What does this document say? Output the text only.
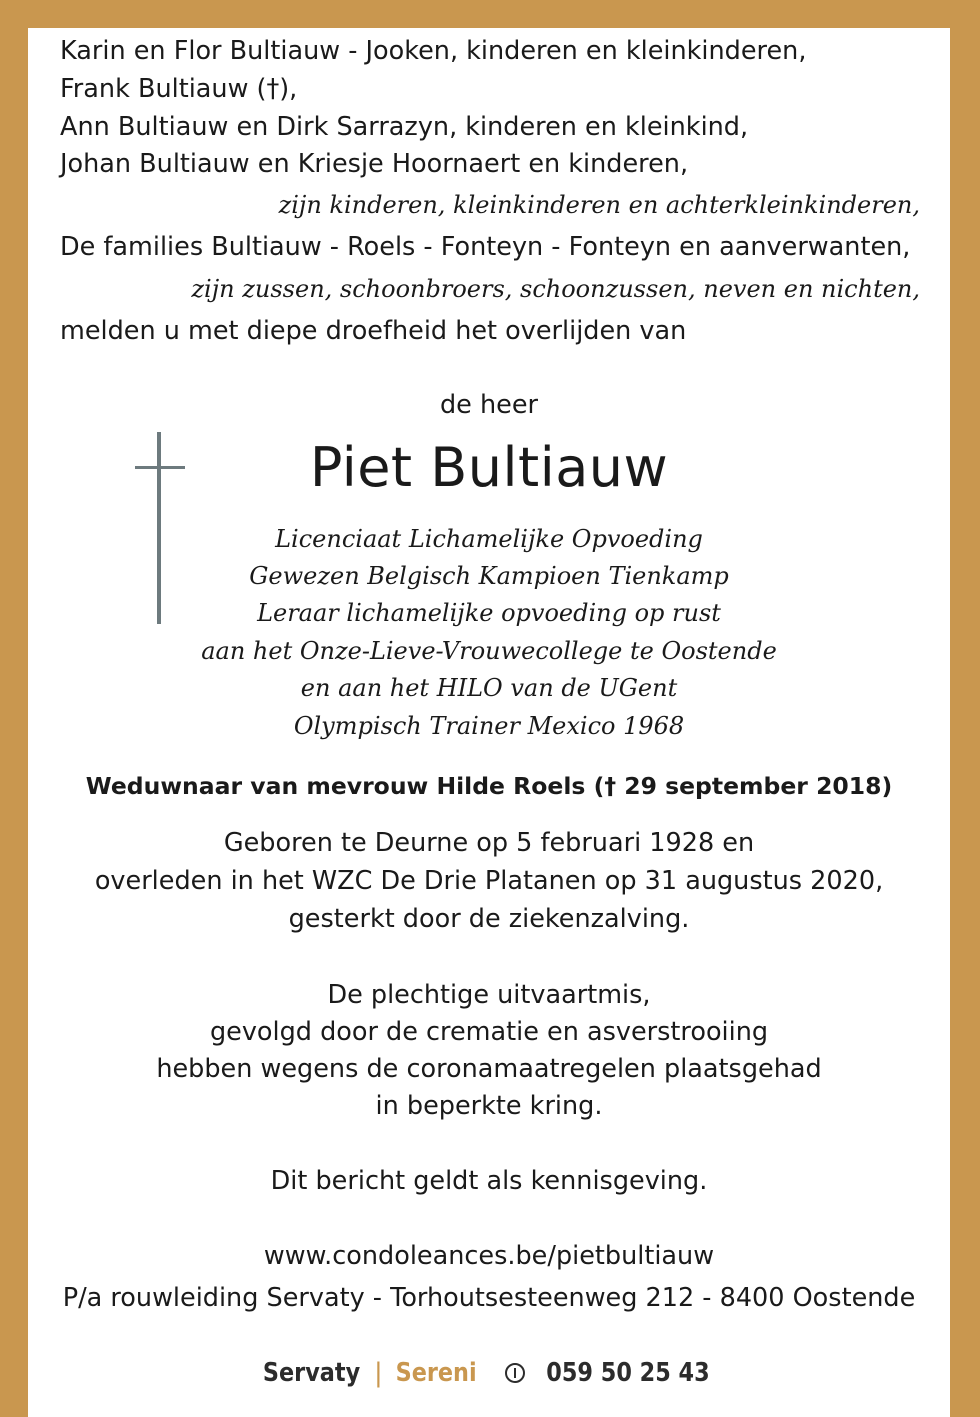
Karin en Flor Bultiauw - Jooken, kinderen en kleinkinderen,
Frank Bultiauw (†),
Ann Bultiauw en Dirk Sarrazyn, kinderen en kleinkind,
Johan Bultiauw en Kriesje Hoornaert en kinderen,
zijn kinderen, kleinkinderen en achterkleinkinderen,
De families Bultiauw - Roels - Fonteyn - Fonteyn en aanverwanten,
zijn zussen, schoonbroers, schoonzussen, neven en nichten,
melden u met diepe droefheid het overlijden van
de heer
Piet Bultiauw
Licenciaat Lichamelijke Opvoeding
Gewezen Belgisch Kampioen Tienkamp
Leraar lichamelijke opvoeding op rust
aan het Onze-Lieve-Vrouwecollege te Oostende
en aan het HILO van de UGent
Olympisch Trainer Mexico 1968
Weduwnaar van mevrouw Hilde Roels († 29 september 2018)
Geboren te Deurne op 5 februari 1928 en
overleden in het WZC De Drie Platanen op 31 augustus 2020,
gesterkt door de ziekenzalving.
De plechtige uitvaartmis,
gevolgd door de crematie en asverstrooiing
hebben wegens de coronamaatregelen plaatsgehad
in beperkte kring.
Dit bericht geldt als kennisgeving.
www.condoleances.be/pietbultiauw
P/a rouwleiding Servaty - Torhoutsesteenweg 212 - 8400 Oostende
Servaty | Sereni	059 50 25 43
